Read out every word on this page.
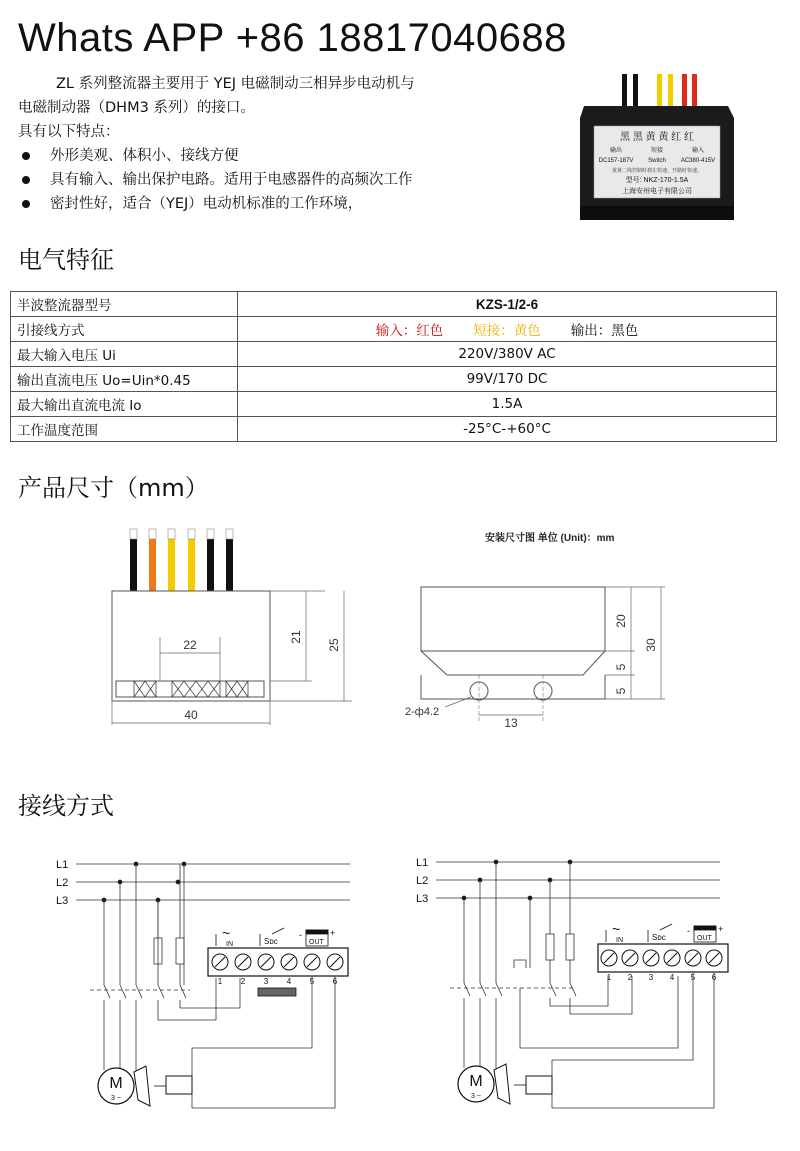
Whats APP +86 18817040688
ZL 系列整流器主要用于 YEJ 电磁制动三相异步电动机与
电磁制动器（DHM3 系列）的接口。
具有以下特点：
外形美观、体积小、接线方便
具有输入、输出保护电路。适用于电感器件的高频次工作
密封性好，适合（YEJ）电动机标准的工作环境，
黑 黑 黄 黄 红 红
输出	短接	输入
DC157-187V Switch AC380-415V
黄黄二线控制时刹车快速，开路时快速。
型号: NKZ-170-1.5A
上海安州电子有限公司
电气特征
半波整流器型号	KZS-1/2-6
引接线方式	输入：红色 短接：黄色 输出：黑色
最大输入电压 Ui	220V/380V AC
输出直流电压 Uo=Uin*0.45	99V/170 DC
最大输出直流电流 Io	1.5A
工作温度范围	-25°C-+60°C
产品尺寸（mm）
22
40
21
25
安装尺寸图 单位 (Unit)：mm
13
2-ф4.2
20
5
5
30
接线方式
L1
L2
L3
1 2 3 4 5 6
~
IN	Sᴅᴄ	OUT
-	+
M
3 ~
L1
L2
L3
1 2 3 4 5 6
~
IN	Sᴅᴄ	OUT
-	+
M
3 ~
